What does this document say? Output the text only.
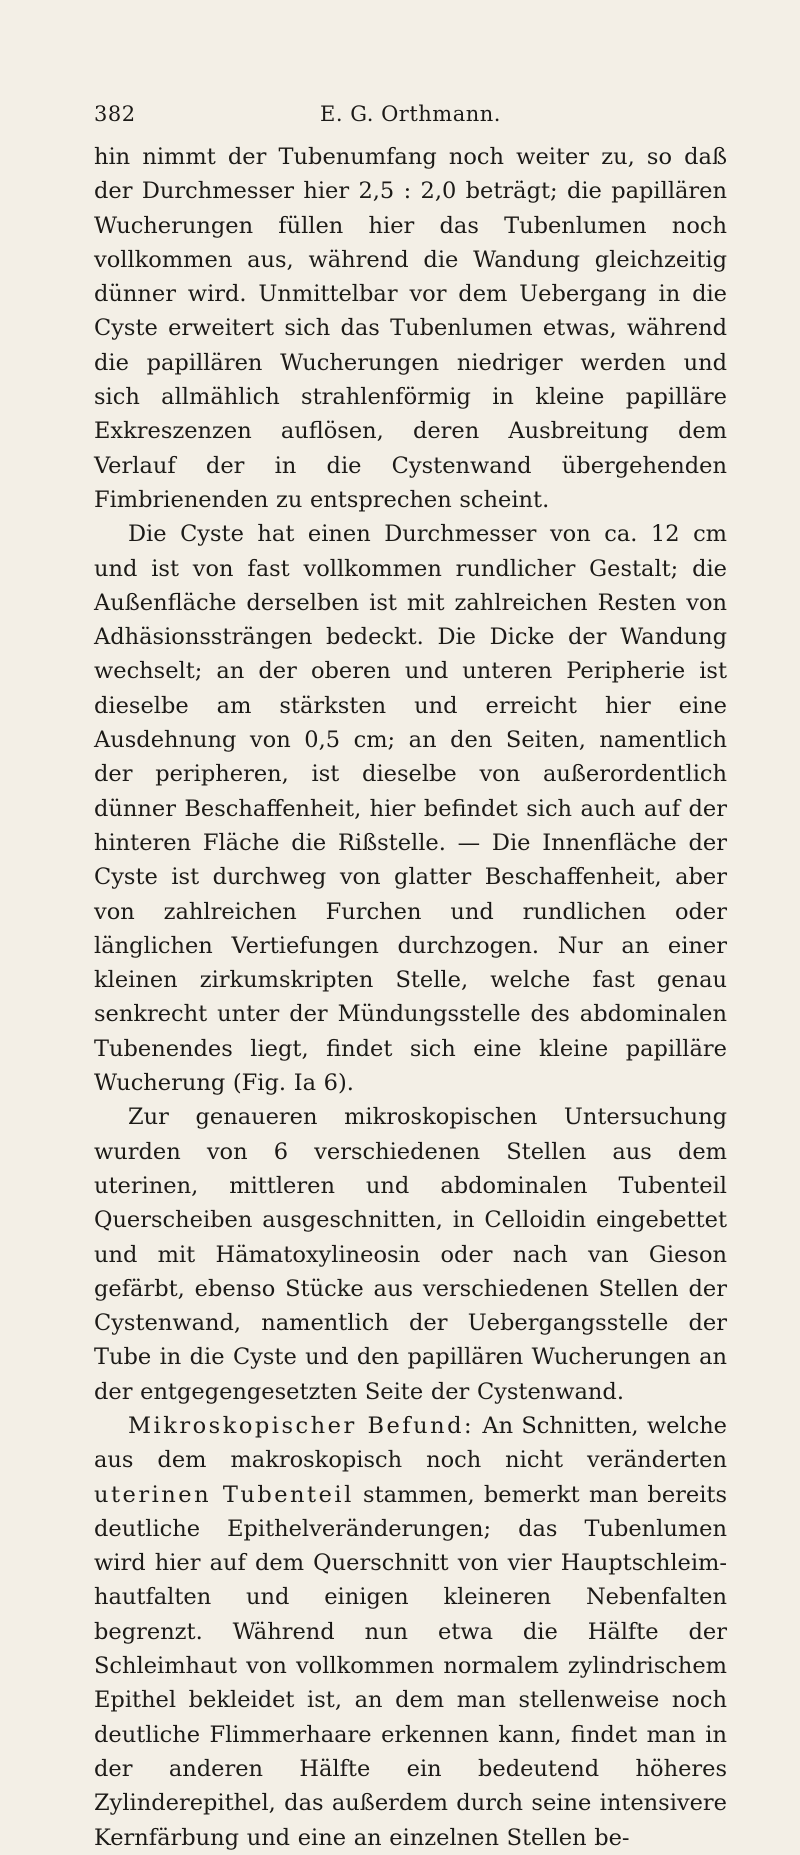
382	E. G. Orthmann.

hin nimmt der Tubenumfang noch weiter zu, so daß der Durchmesser hier 2,5 : 2,0 beträgt; die papillären Wucherungen füllen hier das Tubenlumen noch vollkommen aus, während die Wandung gleichzeitig dünner wird. Unmittelbar vor dem Uebergang in die Cyste erweitert sich das Tubenlumen etwas, während die papillären Wucherungen niedriger werden und sich allmählich strahlenförmig in kleine papilläre Exkreszenzen auflösen, deren Ausbreitung dem Verlauf der in die Cystenwand übergehenden Fimbrienenden zu entsprechen scheint.

Die Cyste hat einen Durchmesser von ca. 12 cm und ist von fast vollkommen rundlicher Gestalt; die Außenfläche derselben ist mit zahlreichen Resten von Adhäsionssträngen bedeckt. Die Dicke der Wandung wechselt; an der oberen und unteren Peripherie ist dieselbe am stärksten und erreicht hier eine Ausdehnung von 0,5 cm; an den Seiten, namentlich der peripheren, ist dieselbe von außerordentlich dünner Beschaffenheit, hier befindet sich auch auf der hinteren Fläche die Rißstelle. — Die Innenfläche der Cyste ist durchweg von glatter Beschaffenheit, aber von zahlreichen Furchen und rundlichen oder länglichen Vertiefungen durchzogen. Nur an einer kleinen zirkumskripten Stelle, welche fast genau senkrecht unter der Mündungsstelle des abdominalen Tubenendes liegt, findet sich eine kleine papilläre Wucherung (Fig. Ia 6).

Zur genaueren mikroskopischen Untersuchung wurden von 6 verschiedenen Stellen aus dem uterinen, mittleren und abdominalen Tubenteil Querscheiben ausgeschnitten, in Celloidin eingebettet und mit Hämatoxylineosin oder nach van Gieson gefärbt, ebenso Stücke aus verschiedenen Stellen der Cystenwand, namentlich der Uebergangsstelle der Tube in die Cyste und den papillären Wucherungen an der entgegengesetzten Seite der Cystenwand.

Mikroskopischer Befund: An Schnitten, welche aus dem makroskopisch noch nicht veränderten uterinen Tubenteil stammen, bemerkt man bereits deutliche Epithelveränderungen; das Tubenlumen wird hier auf dem Querschnitt von vier Hauptschleimhautfalten und einigen kleineren Nebenfalten begrenzt. Während nun etwa die Hälfte der Schleimhaut von vollkommen normalem zylindrischem Epithel bekleidet ist, an dem man stellenweise noch deutliche Flimmerhaare erkennen kann, findet man in der anderen Hälfte ein bedeutend höheres Zylinderepithel, das außerdem durch seine intensivere Kernfärbung und eine an einzelnen Stellen be-
